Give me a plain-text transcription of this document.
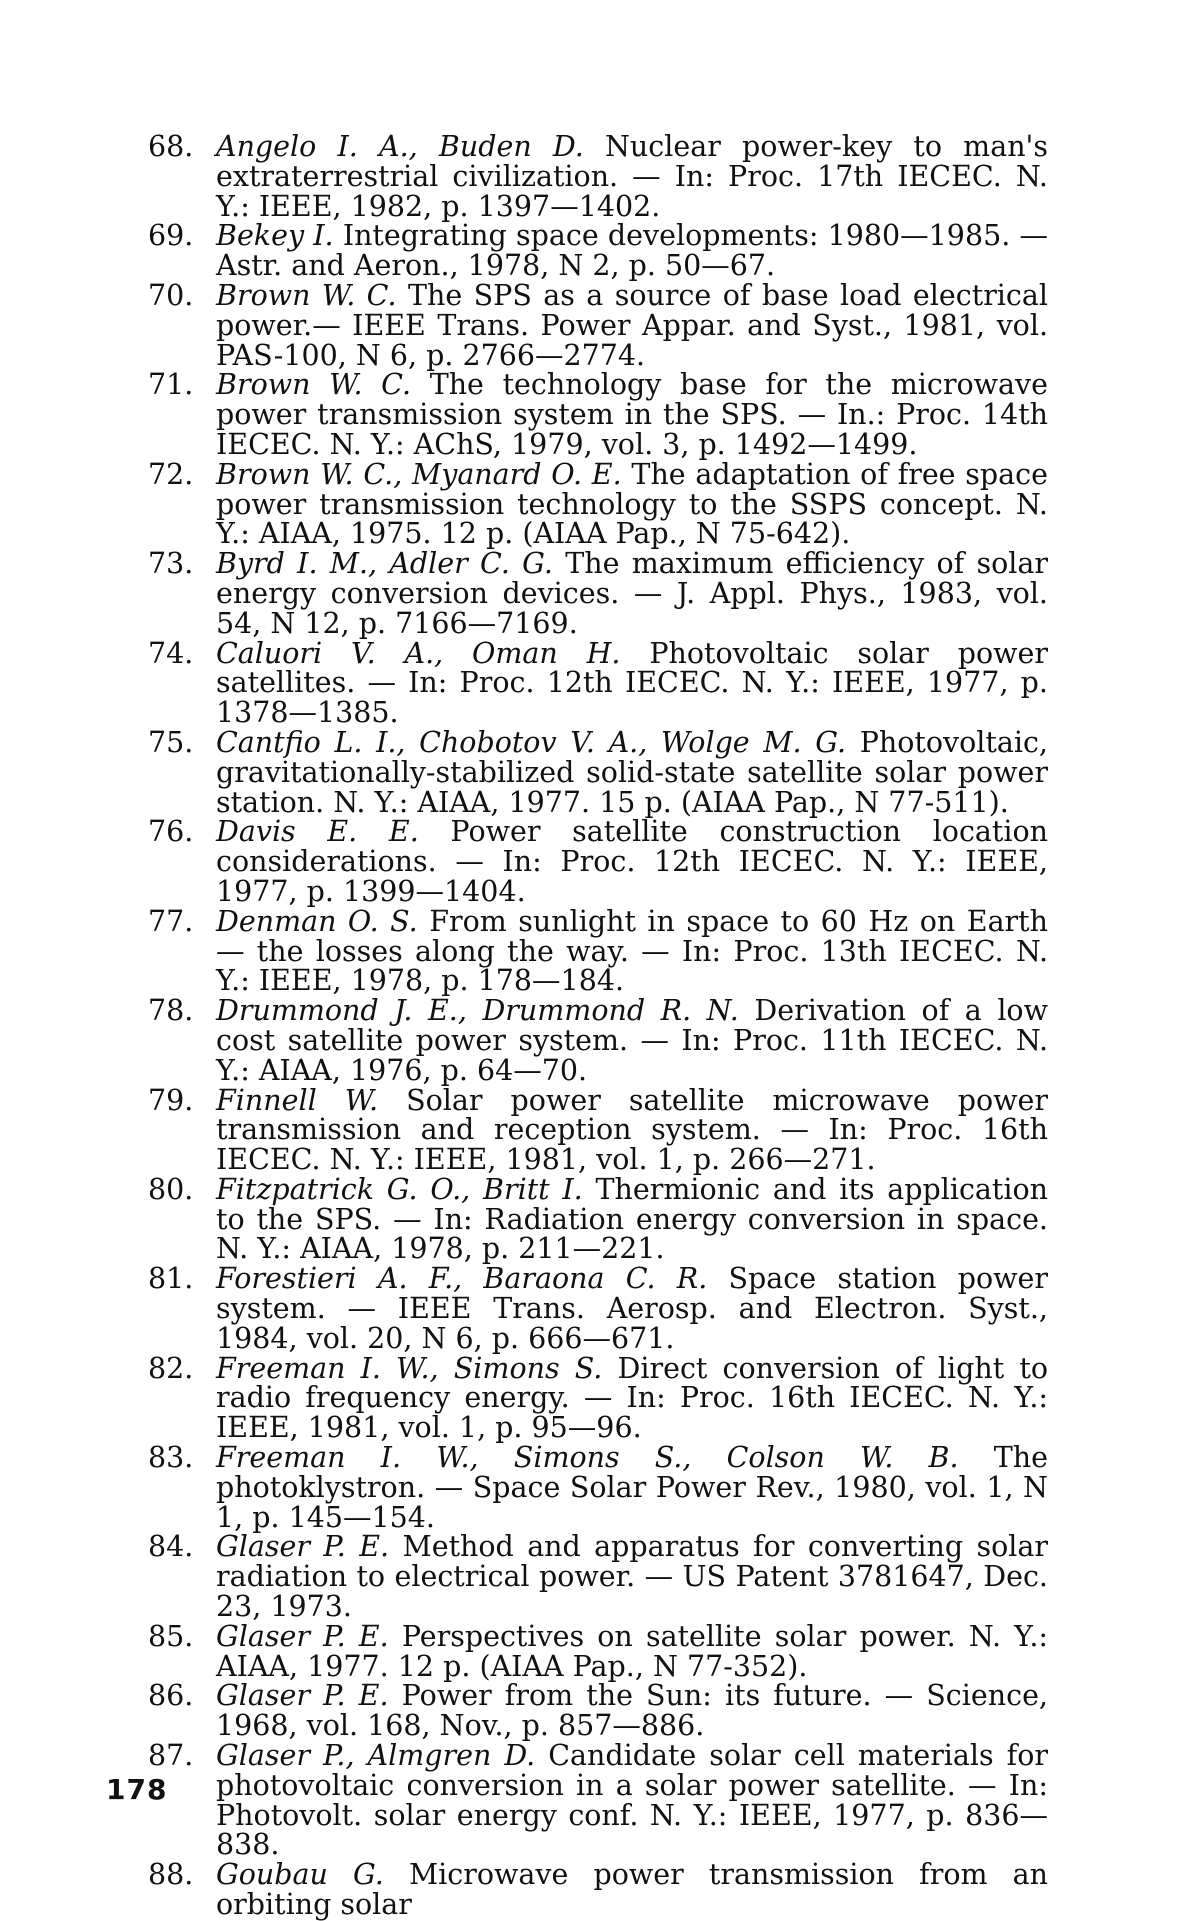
68. Angelo I. A., Buden D. Nuclear power-key to man's extraterrestrial civilization. — In: Proc. 17th IECEC. N. Y.: IEEE, 1982, p. 1397—1402.
69. Bekey I. Integrating space developments: 1980—1985. — Astr. and Aeron., 1978, N 2, p. 50—67.
70. Brown W. C. The SPS as a source of base load electrical power.— IEEE Trans. Power Appar. and Syst., 1981, vol. PAS-100, N 6, p. 2766—2774.
71. Brown W. C. The technology base for the microwave power transmission system in the SPS. — In.: Proc. 14th IECEC. N. Y.: AChS, 1979, vol. 3, p. 1492—1499.
72. Brown W. C., Myanard O. E. The adaptation of free space power transmission technology to the SSPS concept. N. Y.: AIAA, 1975. 12 p. (AIAA Pap., N 75-642).
73. Byrd I. M., Adler C. G. The maximum efficiency of solar energy conversion devices. — J. Appl. Phys., 1983, vol. 54, N 12, p. 7166—7169.
74. Caluori V. A., Oman H. Photovoltaic solar power satellites. — In: Proc. 12th IECEC. N. Y.: IEEE, 1977, p. 1378—1385.
75. Cantfio L. I., Chobotov V. A., Wolge M. G. Photovoltaic, gravitationally-stabilized solid-state satellite solar power station. N. Y.: AIAA, 1977. 15 p. (AIAA Pap., N 77-511).
76. Davis E. E. Power satellite construction location considerations. — In: Proc. 12th IECEC. N. Y.: IEEE, 1977, p. 1399—1404.
77. Denman O. S. From sunlight in space to 60 Hz on Earth — the losses along the way. — In: Proc. 13th IECEC. N. Y.: IEEE, 1978, p. 178—184.
78. Drummond J. E., Drummond R. N. Derivation of a low cost satellite power system. — In: Proc. 11th IECEC. N. Y.: AIAA, 1976, p. 64—70.
79. Finnell W. Solar power satellite microwave power transmission and reception system. — In: Proc. 16th IECEC. N. Y.: IEEE, 1981, vol. 1, p. 266—271.
80. Fitzpatrick G. O., Britt I. Thermionic and its application to the SPS. — In: Radiation energy conversion in space. N. Y.: AIAA, 1978, p. 211—221.
81. Forestieri A. F., Baraona C. R. Space station power system. — IEEE Trans. Aerosp. and Electron. Syst., 1984, vol. 20, N 6, p. 666—671.
82. Freeman I. W., Simons S. Direct conversion of light to radio frequency energy. — In: Proc. 16th IECEC. N. Y.: IEEE, 1981, vol. 1, p. 95—96.
83. Freeman I. W., Simons S., Colson W. B. The photoklystron. — Space Solar Power Rev., 1980, vol. 1, N 1, p. 145—154.
84. Glaser P. E. Method and apparatus for converting solar radiation to electrical power. — US Patent 3781647, Dec. 23, 1973.
85. Glaser P. E. Perspectives on satellite solar power. N. Y.: AIAA, 1977. 12 p. (AIAA Pap., N 77-352).
86. Glaser P. E. Power from the Sun: its future. — Science, 1968, vol. 168, Nov., p. 857—886.
87. Glaser P., Almgren D. Candidate solar cell materials for photovoltaic conversion in a solar power satellite. — In: Photovolt. solar energy conf. N. Y.: IEEE, 1977, p. 836—838.
88. Goubau G. Microwave power transmission from an orbiting solar
178
